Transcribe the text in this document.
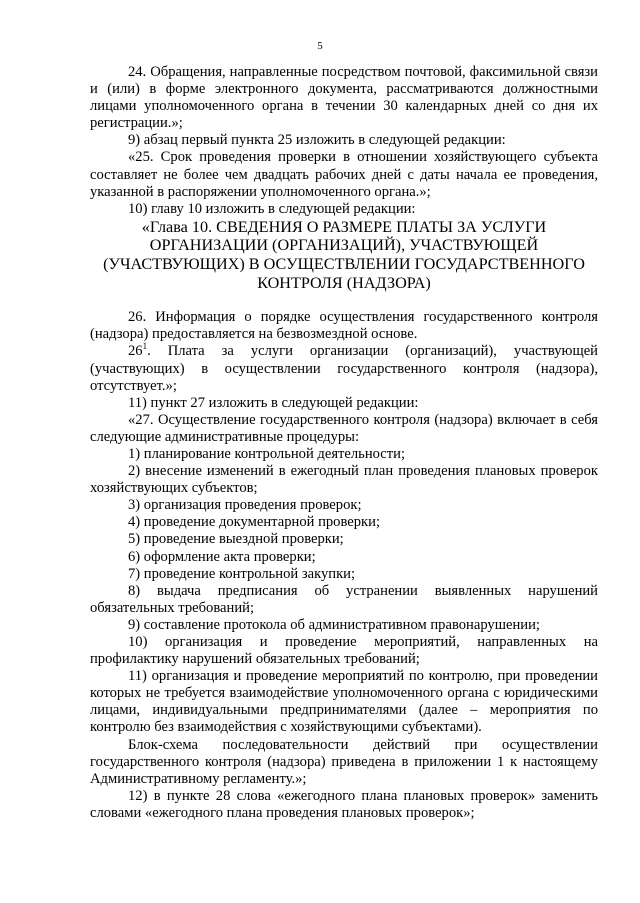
5

24. Обращения, направленные посредством почтовой, факсимильной связи и (или) в форме электронного документа, рассматриваются должностными лицами уполномоченного органа в течении 30 календарных дней со дня их регистрации.»;

9) абзац первый пункта 25 изложить в следующей редакции:

«25. Срок проведения проверки в отношении хозяйствующего субъекта составляет не более чем двадцать рабочих дней с даты начала ее проведения, указанной в распоряжении уполномоченного органа.»;

10) главу 10 изложить в следующей редакции:

«Глава 10. СВЕДЕНИЯ О РАЗМЕРЕ ПЛАТЫ ЗА УСЛУГИ ОРГАНИЗАЦИИ (ОРГАНИЗАЦИЙ), УЧАСТВУЮЩЕЙ (УЧАСТВУЮЩИХ) В ОСУЩЕСТВЛЕНИИ ГОСУДАРСТВЕННОГО КОНТРОЛЯ (НАДЗОРА)

26. Информация о порядке осуществления государственного контроля (надзора) предоставляется на безвозмездной основе.

$26^1$. Плата за услуги организации (организаций), участвующей (участвующих) в осуществлении государственного контроля (надзора), отсутствует.»;

11) пункт 27 изложить в следующей редакции:

«27. Осуществление государственного контроля (надзора) включает в себя следующие административные процедуры:

1) планирование контрольной деятельности;

2) внесение изменений в ежегодный план проведения плановых проверок хозяйствующих субъектов;

3) организация проведения проверок;

4) проведение документарной проверки;

5) проведение выездной проверки;

6) оформление акта проверки;

7) проведение контрольной закупки;

8) выдача предписания об устранении выявленных нарушений обязательных требований;

9) составление протокола об административном правонарушении;

10) организация и проведение мероприятий, направленных на профилактику нарушений обязательных требований;

11) организация и проведение мероприятий по контролю, при проведении которых не требуется взаимодействие уполномоченного органа с юридическими лицами, индивидуальными предпринимателями (далее – мероприятия по контролю без взаимодействия с хозяйствующими субъектами).

Блок-схема последовательности действий при осуществлении государственного контроля (надзора) приведена в приложении 1 к настоящему Административному регламенту.»;

12) в пункте 28 слова «ежегодного плана плановых проверок» заменить словами «ежегодного плана проведения плановых проверок»;
